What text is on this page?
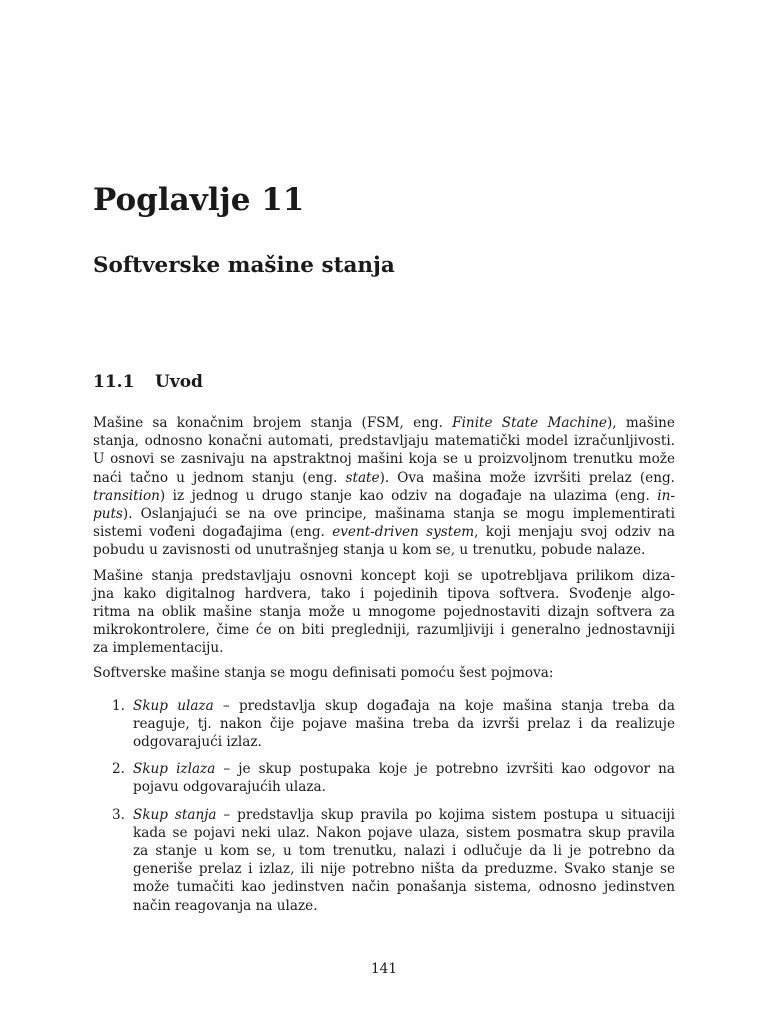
Poglavlje 11
Softverske mašine stanja
11.1 Uvod
Mašine sa konačnim brojem stanja (FSM, eng. Finite State Machine), mašine
stanja, odnosno konačni automati, predstavljaju matematički model izračunljivosti.
U osnovi se zasnivaju na apstraktnoj mašini koja se u proizvoljnom trenutku može
naći tačno u jednom stanju (eng. state). Ova mašina može izvršiti prelaz (eng.
transition) iz jednog u drugo stanje kao odziv na događaje na ulazima (eng. in-
puts). Oslanjajući se na ove principe, mašinama stanja se mogu implementirati
sistemi vođeni događajima (eng. event-driven system, koji menjaju svoj odziv na
pobudu u zavisnosti od unutrašnjeg stanja u kom se, u trenutku, pobude nalaze.
Mašine stanja predstavljaju osnovni koncept koji se upotrebljava prilikom diza-
jna kako digitalnog hardvera, tako i pojedinih tipova softvera. Svođenje algo-
ritma na oblik mašine stanja može u mnogome pojednostaviti dizajn softvera za
mikrokontrolere, čime će on biti pregledniji, razumljiviji i generalno jednostavniji
za implementaciju.
Softverske mašine stanja se mogu definisati pomoću šest pojmova:
1. Skup ulaza – predstavlja skup događaja na koje mašina stanja treba da
reaguje, tj. nakon čije pojave mašina treba da izvrši prelaz i da realizuje
odgovarajući izlaz.
2. Skup izlaza – je skup postupaka koje je potrebno izvršiti kao odgovor na
pojavu odgovarajućih ulaza.
3. Skup stanja – predstavlja skup pravila po kojima sistem postupa u situaciji
kada se pojavi neki ulaz. Nakon pojave ulaza, sistem posmatra skup pravila
za stanje u kom se, u tom trenutku, nalazi i odlučuje da li je potrebno da
generiše prelaz i izlaz, ili nije potrebno ništa da preduzme. Svako stanje se
može tumačiti kao jedinstven način ponašanja sistema, odnosno jedinstven
način reagovanja na ulaze.
141
